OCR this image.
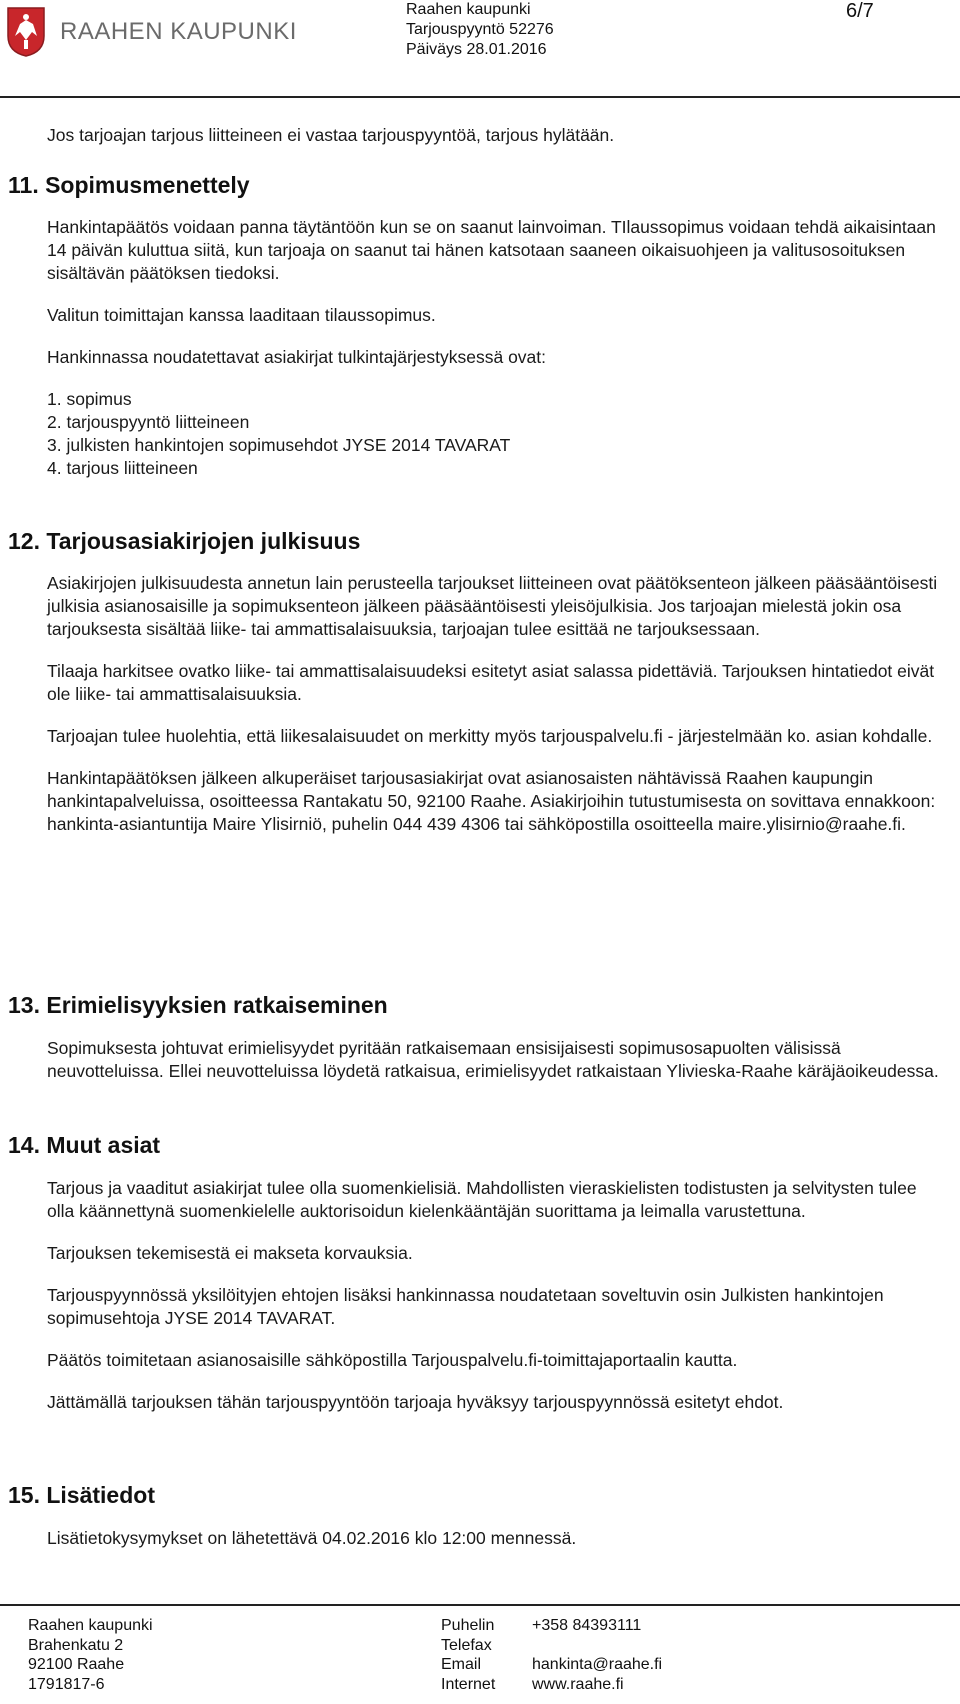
RAAHEN KAUPUNKI
Raahen kaupunki
Tarjouspyyntö 52276
Päiväys 28.01.2016
6/7

Jos tarjoajan tarjous liitteineen ei vastaa tarjouspyyntöä, tarjous hylätään.

11. Sopimusmenettely

Hankintapäätös voidaan panna täytäntöön kun se on saanut lainvoiman. TIlaussopimus voidaan tehdä aikaisintaan 14 päivän kuluttua siitä, kun tarjoaja on saanut tai hänen katsotaan saaneen oikaisuohjeen ja valitusosoituksen sisältävän päätöksen tiedoksi.

Valitun toimittajan kanssa laaditaan tilaussopimus.

Hankinnassa noudatettavat asiakirjat tulkintajärjestyksessä ovat:

1. sopimus

2. tarjouspyyntö liitteineen

3. julkisten hankintojen sopimusehdot JYSE 2014 TAVARAT

4. tarjous liitteineen

12. Tarjousasiakirjojen julkisuus

Asiakirjojen julkisuudesta annetun lain perusteella tarjoukset liitteineen ovat päätöksenteon jälkeen pääsääntöisesti julkisia asianosaisille ja sopimuksenteon jälkeen pääsääntöisesti yleisöjulkisia. Jos tarjoajan mielestä jokin osa tarjouksesta sisältää liike- tai ammattisalaisuuksia, tarjoajan tulee esittää ne tarjouksessaan.

Tilaaja harkitsee ovatko liike- tai ammattisalaisuudeksi esitetyt asiat salassa pidettäviä. Tarjouksen hintatiedot eivät ole liike- tai ammattisalaisuuksia.

Tarjoajan tulee huolehtia, että liikesalaisuudet on merkitty myös tarjouspalvelu.fi - järjestelmään ko. asian kohdalle.

Hankintapäätöksen jälkeen alkuperäiset tarjousasiakirjat ovat asianosaisten nähtävissä Raahen kaupungin hankintapalveluissa, osoitteessa Rantakatu 50, 92100 Raahe. Asiakirjoihin tutustumisesta on sovittava ennakkoon: hankinta-asiantuntija Maire Ylisirniö, puhelin 044 439 4306 tai sähköpostilla osoitteella maire.ylisirnio@raahe.fi.

13. Erimielisyyksien ratkaiseminen

Sopimuksesta johtuvat erimielisyydet pyritään ratkaisemaan ensisijaisesti sopimusosapuolten välisissä neuvotteluissa. Ellei neuvotteluissa löydetä ratkaisua, erimielisyydet ratkaistaan Ylivieska-Raahe käräjäoikeudessa.

14. Muut asiat

Tarjous ja vaaditut asiakirjat tulee olla suomenkielisiä. Mahdollisten vieraskielisten todistusten ja selvitysten tulee olla käännettynä suomenkielelle auktorisoidun kielenkääntäjän suorittama ja leimalla varustettuna.

Tarjouksen tekemisestä ei makseta korvauksia.

Tarjouspyynnössä yksilöityjen ehtojen lisäksi hankinnassa noudatetaan soveltuvin osin Julkisten hankintojen sopimusehtoja JYSE 2014 TAVARAT.

Päätös toimitetaan asianosaisille sähköpostilla Tarjouspalvelu.fi-toimittajaportaalin kautta.

Jättämällä tarjouksen tähän tarjouspyyntöön tarjoaja hyväksyy tarjouspyynnössä esitetyt ehdot.

15. Lisätiedot

Lisätietokysymykset on lähetettävä 04.02.2016 klo 12:00 mennessä.

Raahen kaupunki
Brahenkatu 2
92100 Raahe
1791817-6
Puhelin
Telefax
Email
Internet
+358 84393111

hankinta@raahe.fi
www.raahe.fi
